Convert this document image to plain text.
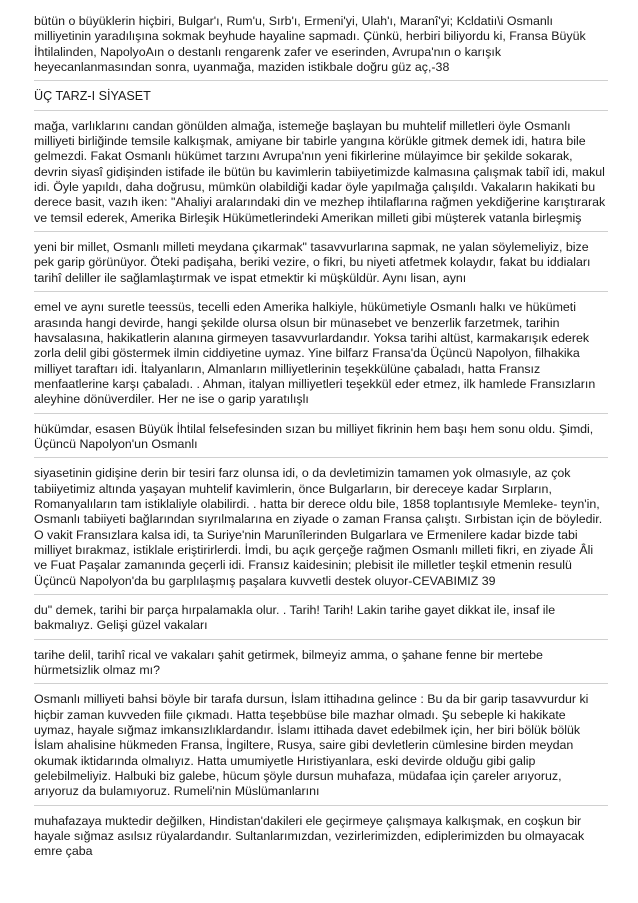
bütün o büyüklerin hiçbiri, Bulgar'ı, Rum'u, Sırb'ı, Ermeni'yi, Ulah'ı, Maranî'yi; Kcldatiı\i Osmanlı milliyetinin yaradılışına sokmak beyhude hayaline sapmadı. Çünkü, herbiri biliyordu ki, Fransa Büyük İhtilalinden, NapolyoAın o destanlı rengarenk zafer ve eserinden, Avrupa'nın o karışık heyecanlanmasından sonra, uyanmağa, maziden istikbale doğru güz aç,-38

ÜÇ TARZ-I SİYASET

mağa, varlıklarını candan gönülden almağa, istemeğe başlayan bu muhtelif milletleri öyle Osmanlı milliyeti birliğinde temsile kalkışmak, amiyane bir tabirle yangına körükle gitmek demek idi, hatıra bile gelmezdi. Fakat Osmanlı hükümet tarzını Avrupa'nın yeni fikirlerine mülayimce bir şekilde sokarak, devrin siyasî gidişinden istifade ile bütün bu kavimlerin tabiiyetimizde kalmasına çalışmak tabiî idi, makul idi. Öyle yapıldı, daha doğrusu, mümkün olabildiği kadar öyle yapılmağa çalışıldı. Vakaların hakikati bu derece basit, vazıh iken: "Ahaliyi aralarındaki din ve mezhep ihtilaflarına rağmen yekdiğerine karıştırarak ve temsil ederek, Amerika Birleşik Hükümetlerindeki Amerikan milleti gibi müşterek vatanla birleşmiş

yeni bir millet, Osmanlı milleti meydana çıkarmak" tasavvurlarına sapmak, ne yalan söylemeliyiz, bize pek garip görünüyor. Öteki padişaha, beriki vezire, o fikri, bu niyeti atfetmek kolaydır, fakat bu iddiaları tarihî deliller ile sağlamlaştırmak ve ispat etmektir ki müşküldür. Aynı lisan, aynı

emel ve aynı suretle teessüs, tecelli eden Amerika halkiyle, hükümetiyle Osmanlı halkı ve hükümeti arasında hangi devirde, hangi şekilde olursa olsun bir münasebet ve benzerlik farzetmek, tarihin havsalasına, hakikatlerin alanına girmeyen tasavvurlardandır. Yoksa tarihi altüst, karmakarışık ederek zorla delil gibi göstermek ilmin ciddiyetine uymaz. Yine bilfarz Fransa'da Üçüncü Napolyon, filhakika milliyet taraftarı idi. İtalyanların, Almanların milliyetlerinin teşekkülüne çabaladı, hatta Fransız menfaatlerine karşı çabaladı. . Ahman, italyan milliyetleri teşekkül eder etmez, ilk hamlede Fransızların aleyhine dönüverdiler. Her ne ise o garip yaratılışlı

hükümdar, esasen Büyük İhtilal felsefesinden sızan bu milliyet fikrinin hem başı hem sonu oldu. Şimdi, Üçüncü Napolyon'un Osmanlı

siyasetinin gidişine derin bir tesiri farz olunsa idi, o da devletimizin tamamen yok olmasıyle, az çok tabiiyetimiz altında yaşayan muhtelif kavimlerin, önce Bulgarların, bir dereceye kadar Sırpların, Romanyalıların tam istiklaliyle olabilirdi. . hatta bir derece oldu bile, 1858 toplantısıyle Memleke- teyn'in, Osmanlı tabiiyeti bağlarından sıyrılmalarına en ziyade o zaman Fransa çalıştı. Sırbistan için de böyledir. O vakit Fransızlara kalsa idi, ta Suriye'nin Marunîlerinden Bulgarlara ve Ermenilere kadar bizde tabi milliyet bırakmaz, istiklale eriştirirlerdi. İmdi, bu açık gerçeğe rağmen Osmanlı milleti fikri, en ziyade Âli ve Fuat Paşalar zamanında geçerli idi. Fransız kaidesinin; plebisit ile milletler teşkil etmenin resulü Üçüncü Napolyon'da bu garplılaşmış paşalara kuvvetli destek oluyor-CEVABIMIZ 39

du" demek, tarihi bir parça hırpalamakla olur. . Tarih! Tarih! Lakin tarihe gayet dikkat ile, insaf ile bakmalıyz. Gelişi güzel vakaları

tarihe delil, tarihî rical ve vakaları şahit getirmek, bilmeyiz amma, o şahane fenne bir mertebe hürmetsizlik olmaz mı?

Osmanlı milliyeti bahsi böyle bir tarafa dursun, İslam ittihadına gelince : Bu da bir garip tasavvurdur ki hiçbir zaman kuvveden fiile çıkmadı. Hatta teşebbüse bile mazhar olmadı. Şu sebeple ki hakikate uymaz, hayale sığmaz imkansızlıklardandır. İslamı ittihada davet edebilmek için, her biri bölük bölük İslam ahalisine hükmeden Fransa, İngiltere, Rusya, saire gibi devletlerin cümlesine birden meydan okumak iktidarında olmalıyız. Hatta umumiyetle Hıristiyanlara, eski devirde olduğu gibi galip gelebilmeliyiz. Halbuki biz galebe, hücum şöyle dursun muhafaza, müdafaa için çareler arıyoruz, arıyoruz da bulamıyoruz. Rumeli'nin Müslümanlarını

muhafazaya muktedir değilken, Hindistan'dakileri ele geçirmeye çalışmaya kalkışmak, en coşkun bir hayale sığmaz asılsız rüyalardandır. Sultanlarımızdan, vezirlerimizden, ediplerimizden bu olmayacak emre çaba
